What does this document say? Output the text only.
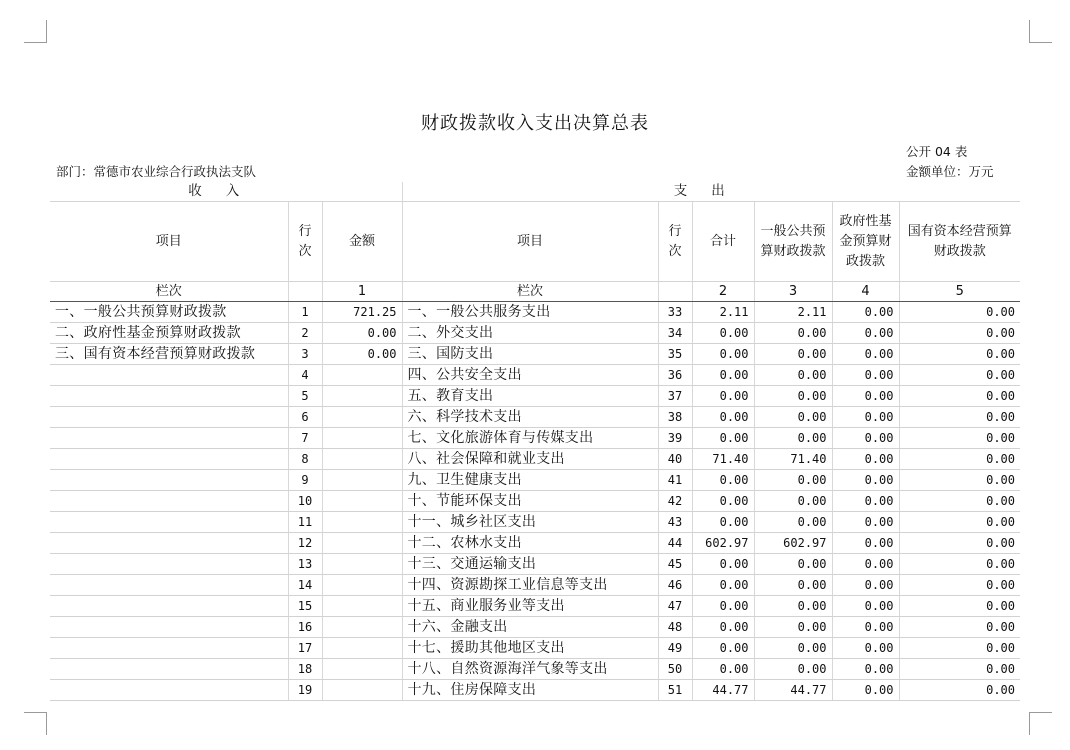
财政拨款收入支出决算总表
公开 04 表
部门：常德市农业综合行政执法支队	金额单位：万元
收入			支出					
项目	行次	金额	项目	行次	合计	一般公共预算财政拨款	政府性基金预算财政拨款	国有资本经营预算财政拨款
栏次		1	栏次		2	3	4	5
一、一般公共预算财政拨款	1	721.25	一、一般公共服务支出	33	2.11	2.11	0.00	0.00
二、政府性基金预算财政拨款	2	0.00	二、外交支出	34	0.00	0.00	0.00	0.00
三、国有资本经营预算财政拨款	3	0.00	三、国防支出	35	0.00	0.00	0.00	0.00
	4		四、公共安全支出	36	0.00	0.00	0.00	0.00
	5		五、教育支出	37	0.00	0.00	0.00	0.00
	6		六、科学技术支出	38	0.00	0.00	0.00	0.00
	7		七、文化旅游体育与传媒支出	39	0.00	0.00	0.00	0.00
	8		八、社会保障和就业支出	40	71.40	71.40	0.00	0.00
	9		九、卫生健康支出	41	0.00	0.00	0.00	0.00
	10		十、节能环保支出	42	0.00	0.00	0.00	0.00
	11		十一、城乡社区支出	43	0.00	0.00	0.00	0.00
	12		十二、农林水支出	44	602.97	602.97	0.00	0.00
	13		十三、交通运输支出	45	0.00	0.00	0.00	0.00
	14		十四、资源勘探工业信息等支出	46	0.00	0.00	0.00	0.00
	15		十五、商业服务业等支出	47	0.00	0.00	0.00	0.00
	16		十六、金融支出	48	0.00	0.00	0.00	0.00
	17		十七、援助其他地区支出	49	0.00	0.00	0.00	0.00
	18		十八、自然资源海洋气象等支出	50	0.00	0.00	0.00	0.00
	19		十九、住房保障支出	51	44.77	44.77	0.00	0.00
